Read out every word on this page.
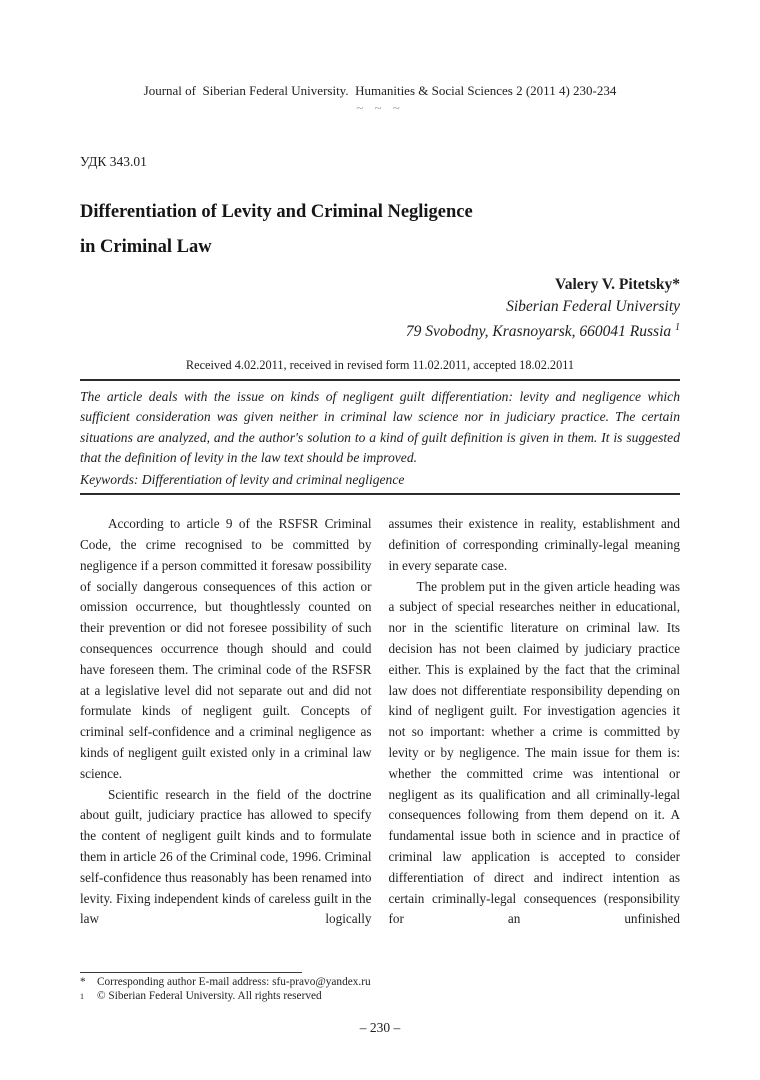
Journal of  Siberian Federal University.  Humanities & Social Sciences 2 (2011 4) 230-234
~ ~ ~
УДК 343.01
Differentiation of Levity and Criminal Negligence
in Criminal Law
Valery V. Pitetsky*
Siberian Federal University
79 Svobodny, Krasnoyarsk, 660041 Russia $^1$
Received 4.02.2011, received in revised form 11.02.2011, accepted 18.02.2011
The article deals with the issue on kinds of negligent guilt differentiation: levity and negligence which sufficient consideration was given neither in criminal law science nor in judiciary practice. The certain situations are analyzed, and the author's solution to a kind of guilt definition is given in them. It is suggested that the definition of levity in the law text should be improved.
Keywords: Differentiation of levity and criminal negligence

According to article 9 of the RSFSR Criminal Code, the crime recognised to be committed by negligence if a person committed it foresaw possibility of socially dangerous consequences of this action or omission occurrence, but thoughtlessly counted on their prevention or did not foresee possibility of such consequences occurrence though should and could have foreseen them. The criminal code of the RSFSR at a legislative level did not separate out and did not formulate kinds of negligent guilt. Concepts of criminal self-confidence and a criminal negligence as kinds of negligent guilt existed only in a criminal law science.

Scientific research in the field of the doctrine about guilt, judiciary practice has allowed to specify the content of negligent guilt kinds and to formulate them in article 26 of the Criminal code, 1996. Criminal self-confidence thus reasonably has been renamed into levity. Fixing independent kinds of careless guilt in the law logically

assumes their existence in reality, establishment and definition of corresponding criminally-legal meaning in every separate case.

The problem put in the given article heading was a subject of special researches neither in educational, nor in the scientific literature on criminal law. Its decision has not been claimed by judiciary practice either. This is explained by the fact that the criminal law does not differentiate responsibility depending on kind of negligent guilt. For investigation agencies it not so important: whether a crime is committed by levity or by negligence. The main issue for them is: whether the committed crime was intentional or negligent as its qualification and all criminally-legal consequences following from them depend on it. A fundamental issue both in science and in practice of criminal law application is accepted to consider differentiation of direct and indirect intention as certain criminally-legal consequences (responsibility for an unfinished

*	Corresponding author E-mail address: sfu-pravo@yandex.ru
$^1$	© Siberian Federal University. All rights reserved
– 230 –
